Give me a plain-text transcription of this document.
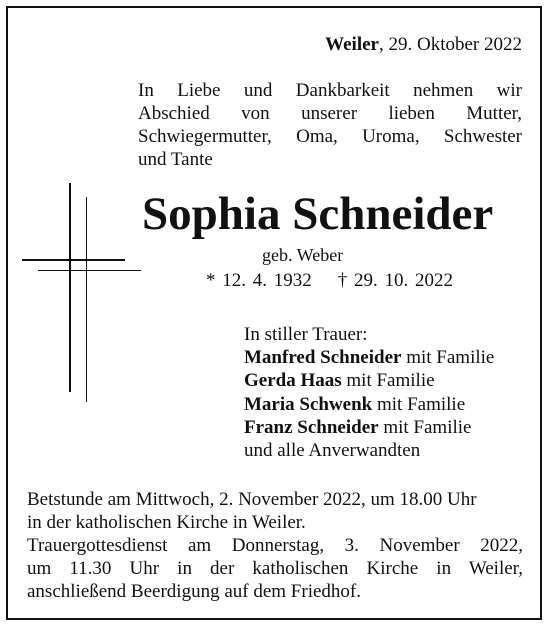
Weiler, 29. Oktober 2022
In Liebe und Dankbarkeit nehmen wir
Abschied von unserer lieben Mutter,
Schwiegermutter, Oma, Uroma, Schwester
und Tante
Sophia Schneider
geb. Weber
* 12. 4. 1932 † 29. 10. 2022
In stiller Trauer:
Manfred Schneider mit Familie
Gerda Haas mit Familie
Maria Schwenk mit Familie
Franz Schneider mit Familie
und alle Anverwandten
Betstunde am Mittwoch, 2. November 2022, um 18.00 Uhr
in der katholischen Kirche in Weiler.
Trauergottesdienst am Donnerstag, 3. November 2022,
um 11.30 Uhr in der katholischen Kirche in Weiler,
anschließend Beerdigung auf dem Friedhof.
